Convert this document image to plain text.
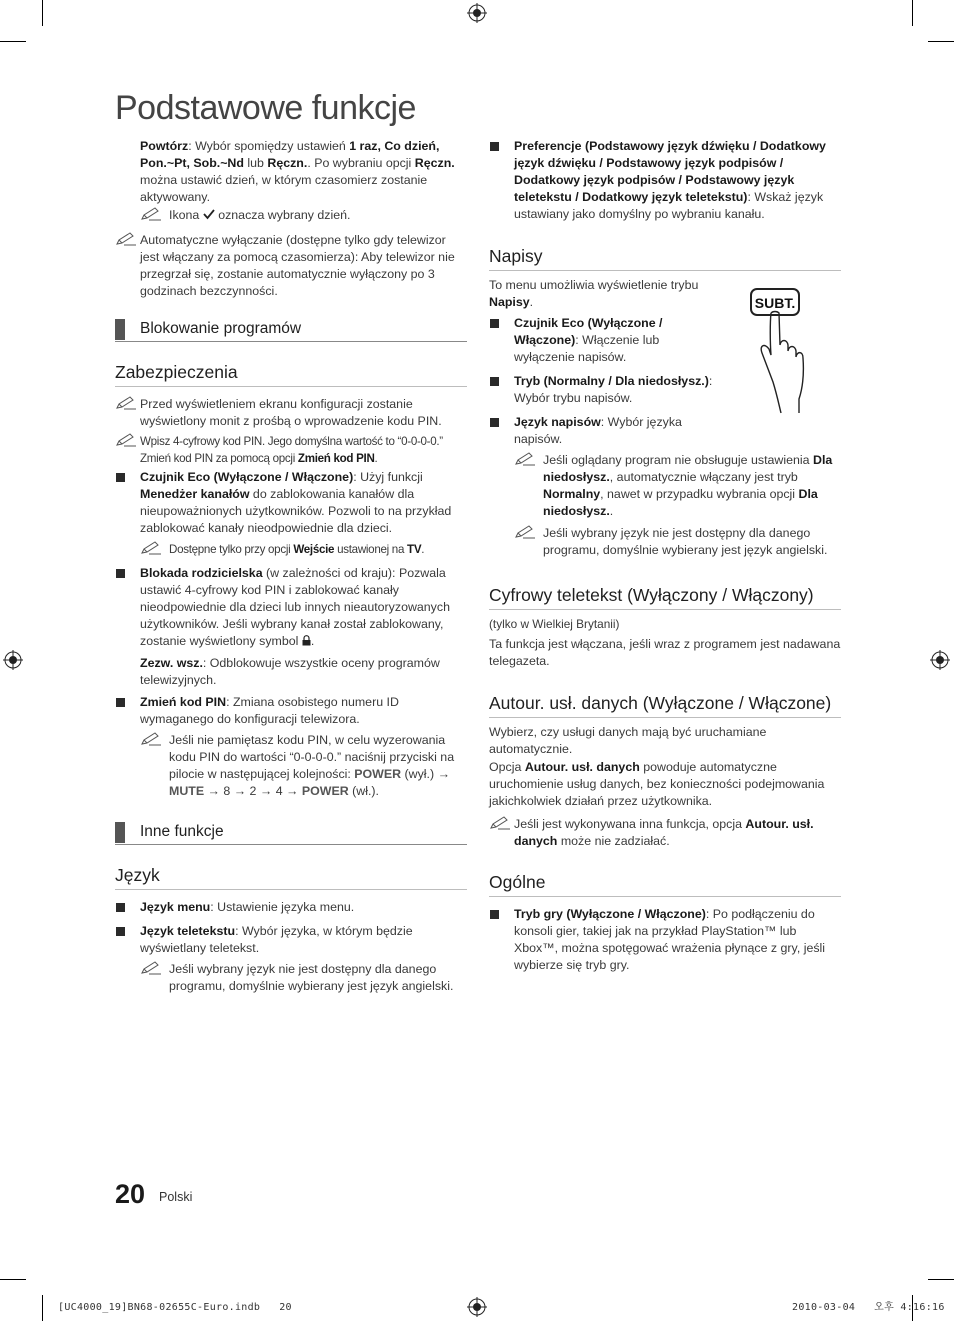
Podstawowe funkcje
Powtórz: Wybór spomiędzy ustawień 1 raz, Co dzień, Pon.~Pt, Sob.~Nd lub Ręczn.. Po wybraniu opcji Ręczn. można ustawić dzień, w którym czasomierz zostanie aktywowany.
Ikona  oznacza wybrany dzień.
Automatyczne wyłączanie (dostępne tylko gdy telewizor jest włączany za pomocą czasomierza): Aby telewizor nie przegrzał się, zostanie automatycznie wyłączony po 3 godzinach bezczynności.
Blokowanie programów
Zabezpieczenia
Przed wyświetleniem ekranu konfiguracji zostanie wyświetlony monit z prośbą o wprowadzenie kodu PIN.
Wpisz 4-cyfrowy kod PIN. Jego domyślna wartość to “0-0-0-0.” Zmień kod PIN za pomocą opcji Zmień kod PIN.
Czujnik Eco (Wyłączone / Włączone): Użyj funkcji Menedżer kanałów do zablokowania kanałów dla nieupoważnionych użytkowników. Pozwoli to na przykład zablokować kanały nieodpowiednie dla dzieci.
Dostępne tylko przy opcji Wejście ustawionej na TV.
Blokada rodzicielska (w zależności od kraju): Pozwala ustawić 4-cyfrowy kod PIN i zablokować kanały nieodpowiednie dla dzieci lub innych nieautoryzowanych użytkowników. Jeśli wybrany kanał został zablokowany, zostanie wyświetlony symbol .
Zezw. wsz.: Odblokowuje wszystkie oceny programów telewizyjnych.
Zmień kod PIN: Zmiana osobistego numeru ID wymaganego do konfiguracji telewizora.
Jeśli nie pamiętasz kodu PIN, w celu wyzerowania kodu PIN do wartości “0-0-0-0.” naciśnij przyciski na pilocie w następującej kolejności: POWER (wył.) → MUTE → 8 → 2 → 4 → POWER (wł.).
Inne funkcje
Język
Język menu: Ustawienie języka menu.
Język teletekstu: Wybór języka, w którym będzie wyświetlany teletekst.
Jeśli wybrany język nie jest dostępny dla danego programu, domyślnie wybierany jest język angielski.
Preferencje (Podstawowy język dźwięku / Dodatkowy język dźwięku / Podstawowy język podpisów / Dodatkowy język podpisów / Podstawowy język teletekstu / Dodatkowy język teletekstu): Wskaż język ustawiany jako domyślny po wybraniu kanału.
Napisy
SUBT.
To menu umożliwia wyświetlenie trybu Napisy.
Czujnik Eco (Wyłączone / Włączone): Włączenie lub wyłączenie napisów.
Tryb (Normalny / Dla niedosłysz.): Wybór trybu napisów.
Język napisów: Wybór języka napisów.
Jeśli oglądany program nie obsługuje ustawienia Dla niedosłysz., automatycznie włączany jest tryb Normalny, nawet w przypadku wybrania opcji Dla niedosłysz..
Jeśli wybrany język nie jest dostępny dla danego programu, domyślnie wybierany jest język angielski.
Cyfrowy teletekst (Wyłączony / Włączony)
(tylko w Wielkiej Brytanii)
Ta funkcja jest włączana, jeśli wraz z programem jest nadawana telegazeta.
Autour. usł. danych (Wyłączone / Włączone)
Wybierz, czy usługi danych mają być uruchamiane automatycznie.
Opcja Autour. usł. danych powoduje automatyczne uruchomienie usług danych, bez konieczności podejmowania jakichkolwiek działań przez użytkownika.
Jeśli jest wykonywana inna funkcja, opcja Autour. usł. danych może nie zadziałać.
Ogólne
Tryb gry (Wyłączone / Włączone): Po podłączeniu do konsoli gier, takiej jak na przykład PlayStation™ lub Xbox™, można spotęgować wrażenia płynące z gry, jeśli wybierze się tryb gry.
20 Polski
[UC4000_19]BN68-02655C-Euro.indb   20	2010-03-04   오후 4:16:16
